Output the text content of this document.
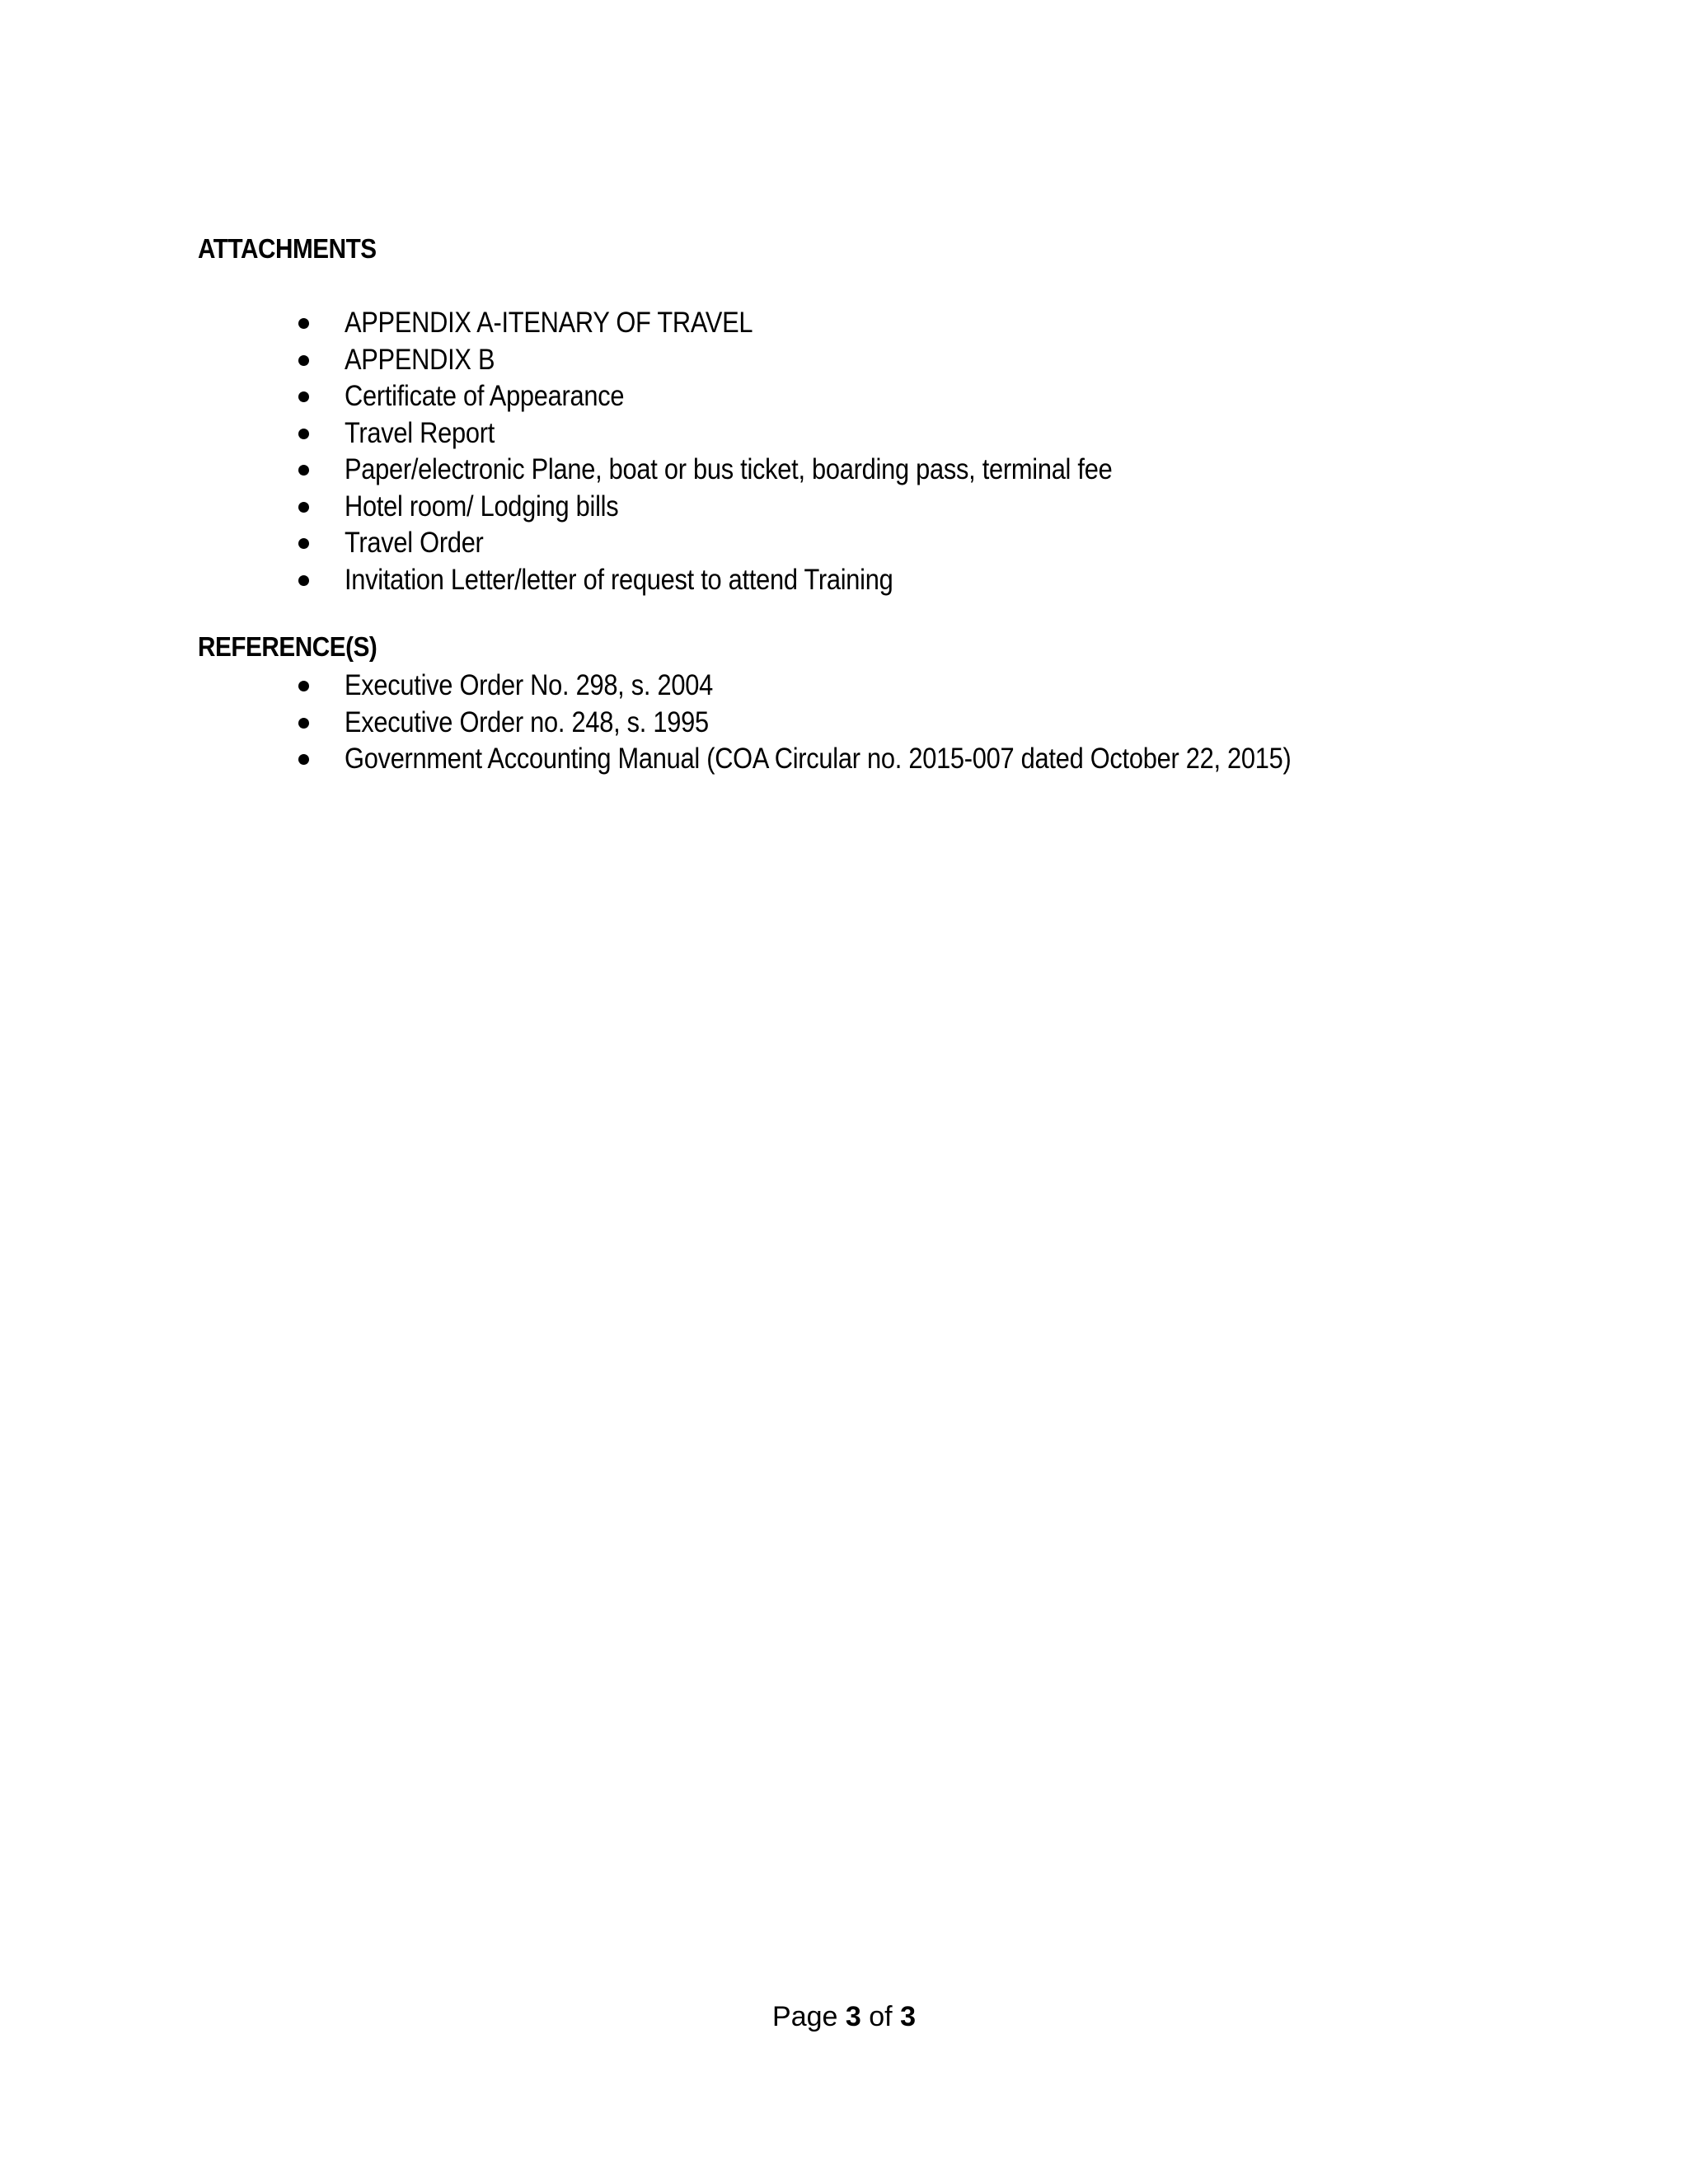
ATTACHMENTS
APPENDIX A-ITENARY OF TRAVEL
APPENDIX B
Certificate of Appearance
Travel Report
Paper/electronic Plane, boat or bus ticket, boarding pass, terminal fee
Hotel room/ Lodging bills
Travel Order
Invitation Letter/letter of request to attend Training
REFERENCE(S)
Executive Order No. 298, s. 2004
Executive Order no. 248, s. 1995
Government Accounting Manual (COA Circular no. 2015-007 dated October 22, 2015)
Page 3 of 3
